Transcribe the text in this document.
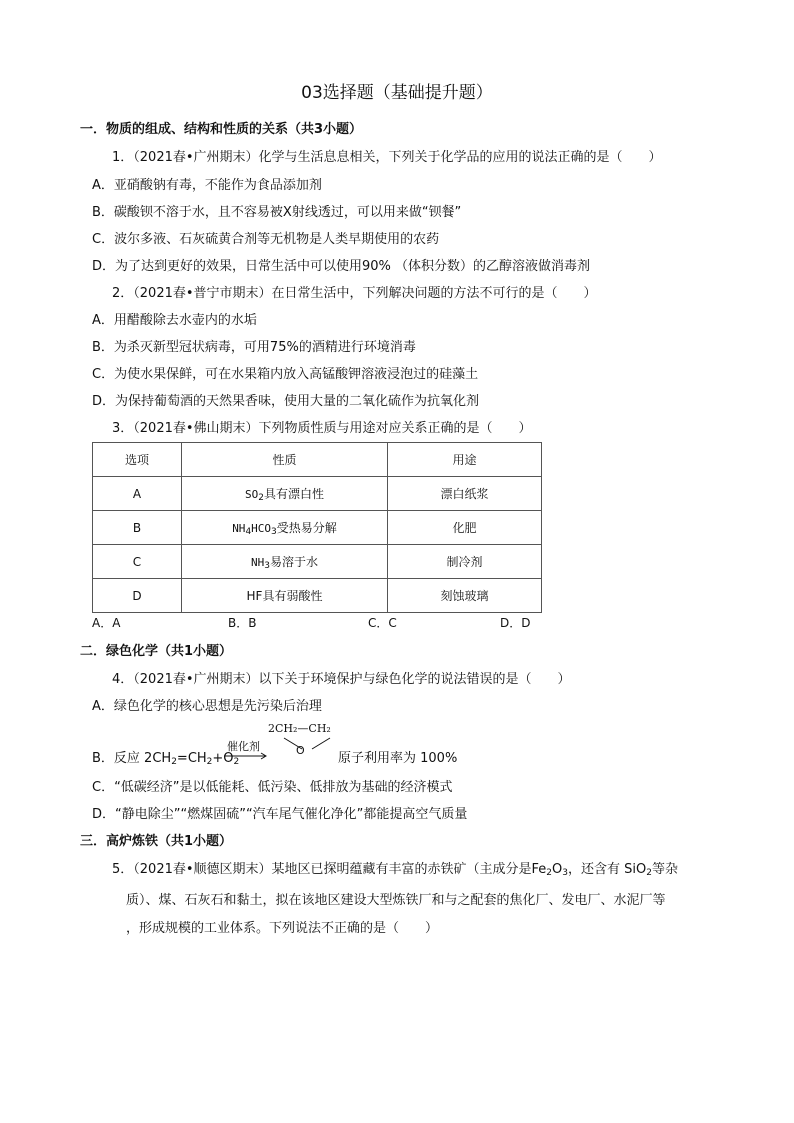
03选择题（基础提升题）
一．物质的组成、结构和性质的关系（共3小题）
1．（2021春•广州期末）化学与生活息息相关，下列关于化学品的应用的说法正确的是（　　）
A．亚硝酸钠有毒，不能作为食品添加剂
B．碳酸钡不溶于水，且不容易被X射线透过，可以用来做“钡餐”
C．波尔多液、石灰硫黄合剂等无机物是人类早期使用的农药
D．为了达到更好的效果，日常生活中可以使用90% （体积分数）的乙醇溶液做消毒剂
2．（2021春•普宁市期末）在日常生活中，下列解决问题的方法不可行的是（　　）
A．用醋酸除去水壶内的水垢
B．为杀灭新型冠状病毒，可用75%的酒精进行环境消毒
C．为使水果保鲜，可在水果箱内放入高锰酸钾溶液浸泡过的硅藻土
D．为保持葡萄酒的天然果香味，使用大量的二氧化硫作为抗氧化剂
3．（2021春•佛山期末）下列物质性质与用途对应关系正确的是（　　）
选项	性质	用途
A	$SO_2$具有漂白性	漂白纸浆
B	$NH_4HCO_3$受热易分解	化肥
C	$NH_3$易溶于水	制冷剂
D	HF具有弱酸性	刻蚀玻璃
A．A	B．B	C．C	D．D
二．绿色化学（共1小题）
4．（2021春•广州期末）以下关于环境保护与绿色化学的说法错误的是（　　）
A．绿色化学的核心思想是先污染后治理
B．反应 $2CH_2=CH_2+O_2$
催化剂
2CH₂—CH₂
O
原子利用率为 100%
C．“低碳经济”是以低能耗、低污染、低排放为基础的经济模式
D．“静电除尘”“燃煤固硫”“汽车尾气催化净化”都能提高空气质量
三．高炉炼铁（共1小题）
5．（2021春•顺德区期末）某地区已探明蕴藏有丰富的赤铁矿（主成分是$Fe_2O_3$，还含有 SiO$_2$等杂
质）、煤、石灰石和黏土，拟在该地区建设大型炼铁厂和与之配套的焦化厂、发电厂、水泥厂等
，形成规模的工业体系。下列说法不正确的是（　　）
